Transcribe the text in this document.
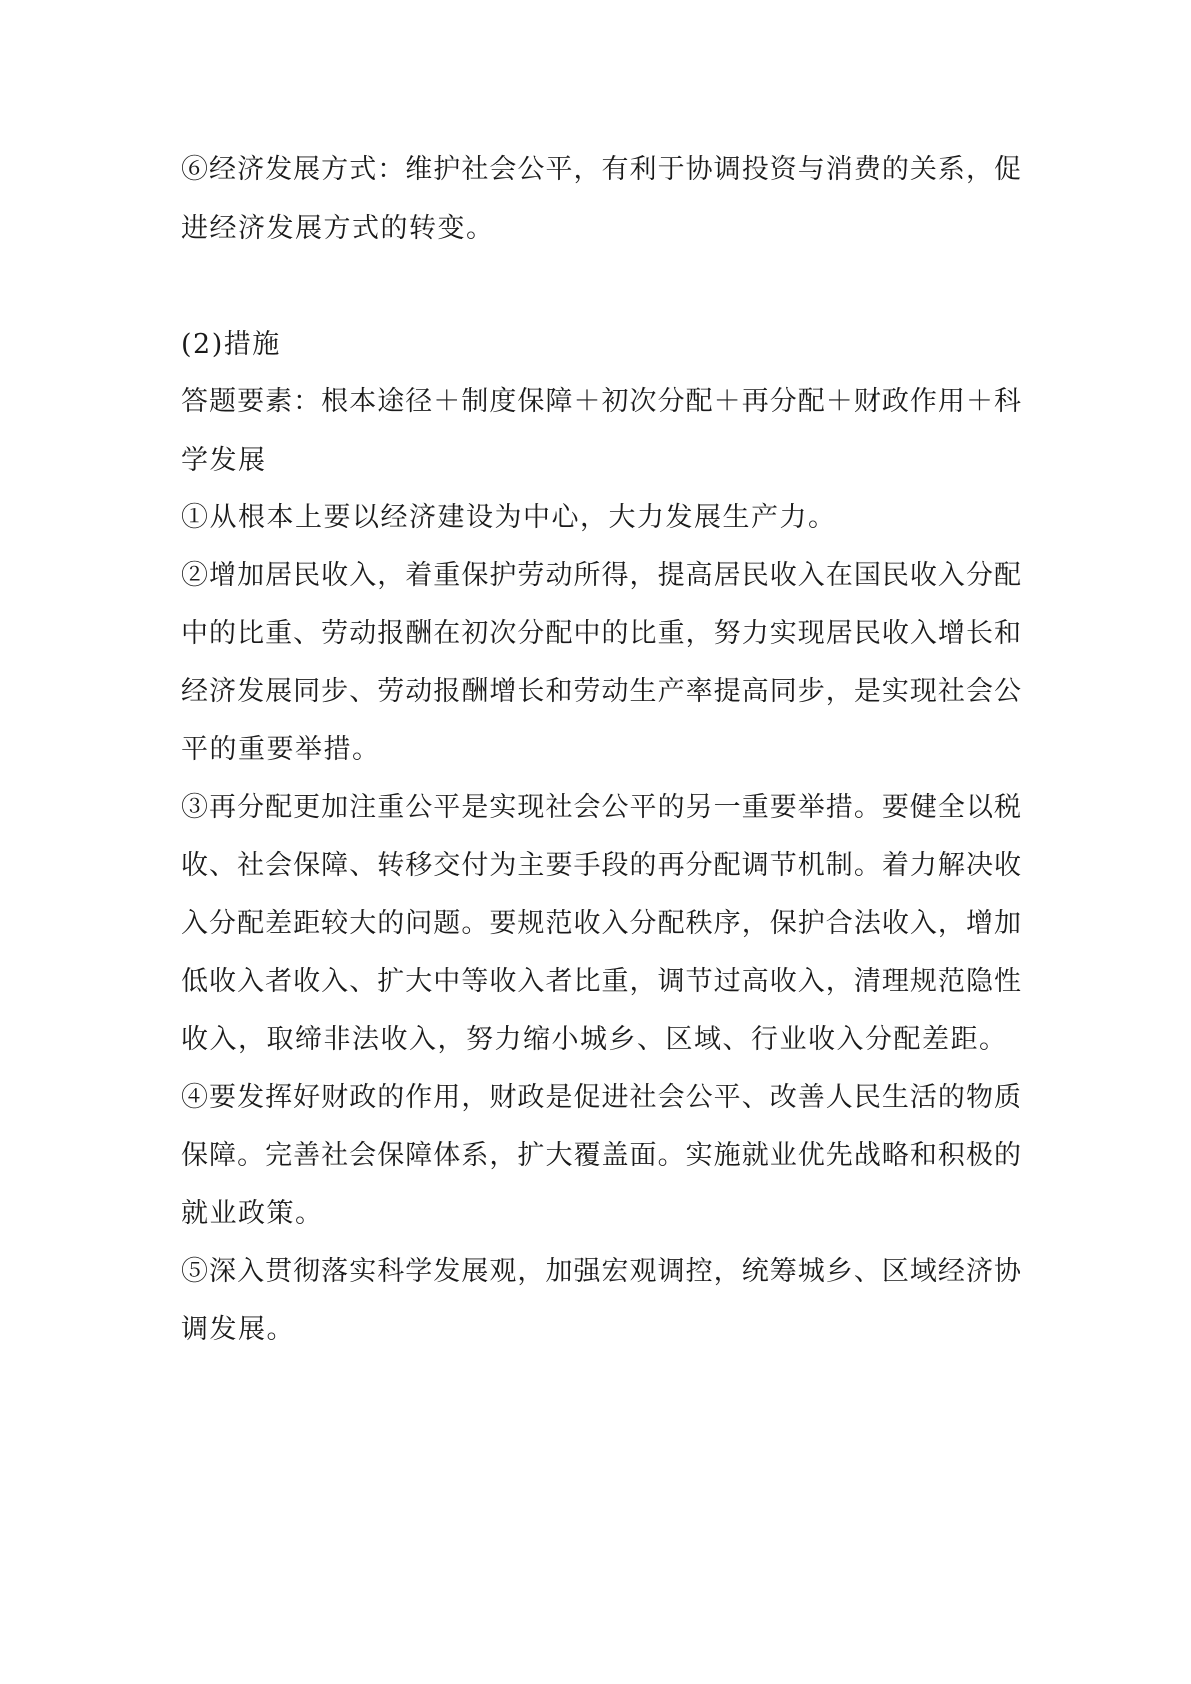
⑥经济发展方式：维护社会公平，有利于协调投资与消费的关系，促
进经济发展方式的转变。
(2)措施
答题要素：根本途径＋制度保障＋初次分配＋再分配＋财政作用＋科
学发展
①从根本上要以经济建设为中心，大力发展生产力。
②增加居民收入，着重保护劳动所得，提高居民收入在国民收入分配
中的比重、劳动报酬在初次分配中的比重，努力实现居民收入增长和
经济发展同步、劳动报酬增长和劳动生产率提高同步，是实现社会公
平的重要举措。
③再分配更加注重公平是实现社会公平的另一重要举措。要健全以税
收、社会保障、转移交付为主要手段的再分配调节机制。着力解决收
入分配差距较大的问题。要规范收入分配秩序，保护合法收入，增加
低收入者收入、扩大中等收入者比重，调节过高收入，清理规范隐性
收入，取缔非法收入，努力缩小城乡、区域、行业收入分配差距。
④要发挥好财政的作用，财政是促进社会公平、改善人民生活的物质
保障。完善社会保障体系，扩大覆盖面。实施就业优先战略和积极的
就业政策。
⑤深入贯彻落实科学发展观，加强宏观调控，统筹城乡、区域经济协
调发展。
